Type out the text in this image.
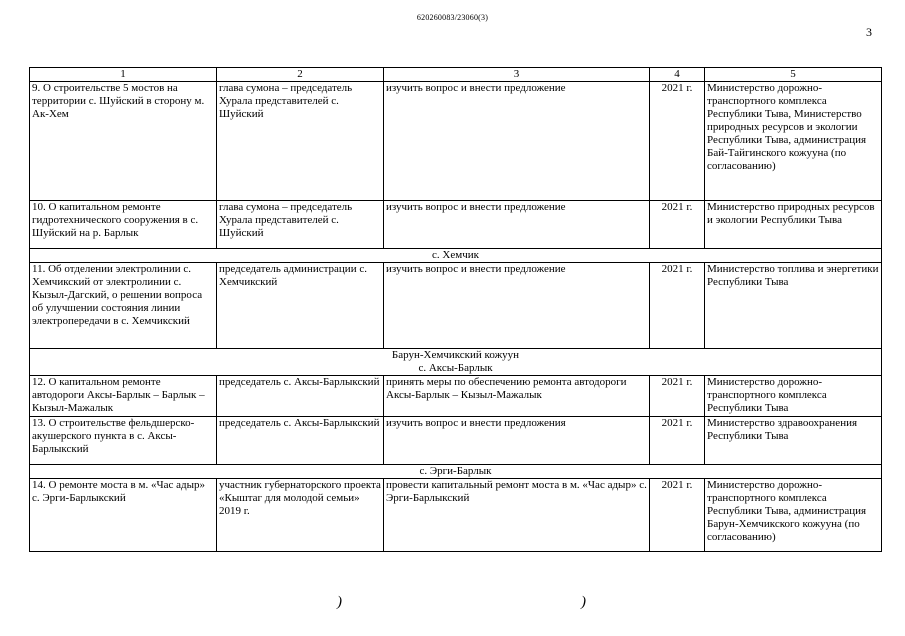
620260083/23060(3)
3
1	2	3	4	5
9. О строительстве 5 мостов на территории с. Шуйский в сторону м. Ак-Хем	глава сумона – председатель Хурала представителей с. Шуйский	изучить вопрос и внести предложение	2021 г.	Министерство дорожно-транспортного комплекса Республики Тыва, Министерство природных ресурсов и экологии Республики Тыва, администрация Бай-Тайгинского кожууна (по согласованию)
10. О капитальном ремонте гидротехнического сооружения в с. Шуйский на р. Барлык	глава сумона – председатель Хурала представителей с. Шуйский	изучить вопрос и внести предложение	2021 г.	Министерство природных ресурсов и экологии Республики Тыва
с. Хемчик				
11. Об отделении электролинии с. Хемчикский от электролинии с. Кызыл-Дагский, о решении вопроса об улучшении состояния линии электропередачи в с. Хемчикский	председатель администрации с. Хемчикский	изучить вопрос и внести предложение	2021 г.	Министерство топлива и энергетики Республики Тыва

Барун-Хемчикский кожуун
с. Аксы-Барлык				

12. О капитальном ремонте автодороги Аксы-Барлык – Барлык – Кызыл-Мажалык	председатель с. Аксы-Барлыкский	принять меры по обеспечению ремонта автодороги Аксы-Барлык – Кызыл-Мажалык	2021 г.	Министерство дорожно-транспортного комплекса Республики Тыва
13. О строительстве фельдшерско-акушерского пункта в с. Аксы-Барлыкский	председатель с. Аксы-Барлыкский	изучить вопрос и внести предложения	2021 г.	Министерство здравоохранения Республики Тыва
с. Эрги-Барлык				
14. О ремонте моста в м. «Час адыр» с. Эрги-Барлыкский	участник губернаторского проекта «Кыштаг для молодой семьи» 2019 г.	провести капитальный ремонт моста в м. «Час адыр» с. Эрги-Барлыкский	2021 г.	Министерство дорожно-транспортного комплекса Республики Тыва, администрация Барун-Хемчикского кожууна (по согласованию)
)	)
